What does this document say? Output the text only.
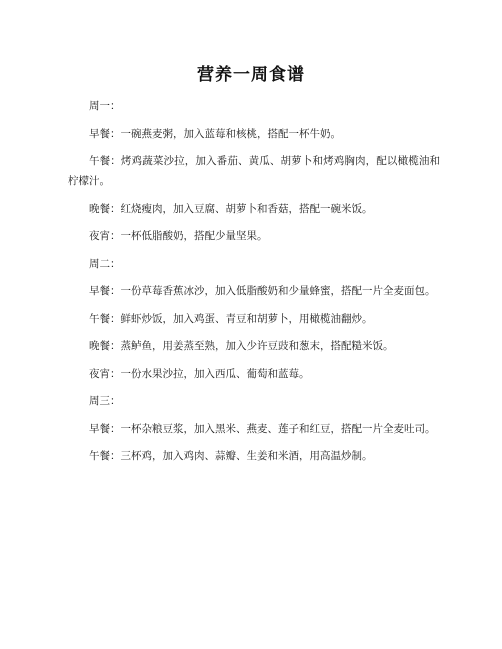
营养一周食谱

周一：

早餐：一碗燕麦粥，加入蓝莓和核桃，搭配一杯牛奶。

午餐：烤鸡蔬菜沙拉，加入番茄、黄瓜、胡萝卜和烤鸡胸肉，配以橄榄油和柠檬汁。

晚餐：红烧瘦肉，加入豆腐、胡萝卜和香菇，搭配一碗米饭。

夜宵：一杯低脂酸奶，搭配少量坚果。

周二：

早餐：一份草莓香蕉冰沙，加入低脂酸奶和少量蜂蜜，搭配一片全麦面包。

午餐：鲜虾炒饭，加入鸡蛋、青豆和胡萝卜，用橄榄油翻炒。

晚餐：蒸鲈鱼，用姜蒸至熟，加入少许豆豉和葱末，搭配糙米饭。

夜宵：一份水果沙拉，加入西瓜、葡萄和蓝莓。

周三：

早餐：一杯杂粮豆浆，加入黑米、燕麦、莲子和红豆，搭配一片全麦吐司。

午餐：三杯鸡，加入鸡肉、蒜瓣、生姜和米酒，用高温炒制。
